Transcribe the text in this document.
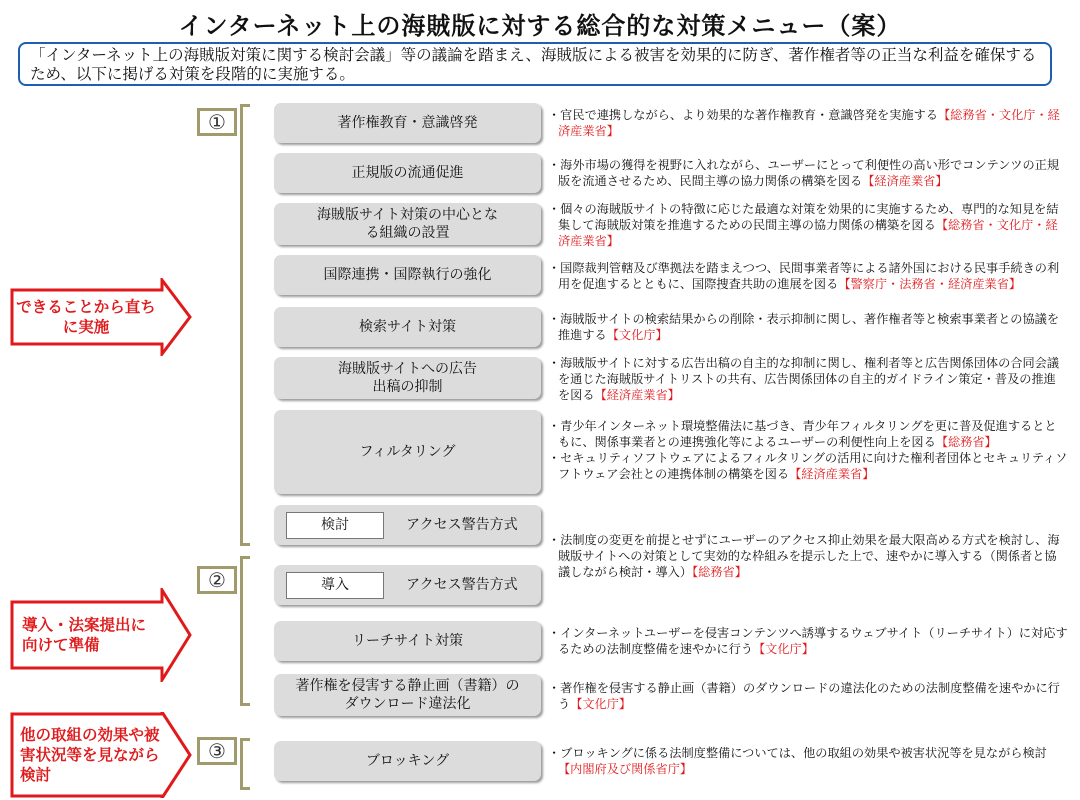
インターネット上の海賊版に対する総合的な対策メニュー（案）
「インターネット上の海賊版対策に関する検討会議」等の議論を踏まえ、海賊版による被害を効果的に防ぎ、著作権者等の正当な利益を確保するため、以下に掲げる対策を段階的に実施する。
①
②
③
できることから直ちに実施
導入・法案提出に向けて準備
他の取組の効果や被害状況等を見ながら検討
著作権教育・意識啓発
正規版の流通促進
海賊版サイト対策の中心となる組織の設置
国際連携・国際執行の強化
検索サイト対策
海賊版サイトへの広告出稿の抑制
フィルタリング
検討	アクセス警告方式
導入	アクセス警告方式
リーチサイト対策
著作権を侵害する静止画（書籍）のダウンロード違法化
ブロッキング
・官民で連携しながら、より効果的な著作権教育・意識啓発を実施する【総務省・文化庁・経済産業省】
・海外市場の獲得を視野に入れながら、ユーザーにとって利便性の高い形でコンテンツの正規版を流通させるため、民間主導の協力関係の構築を図る【経済産業省】
・個々の海賊版サイトの特徴に応じた最適な対策を効果的に実施するため、専門的な知見を結集して海賊版対策を推進するための民間主導の協力関係の構築を図る【総務省・文化庁・経済産業省】
・国際裁判管轄及び準拠法を踏まえつつ、民間事業者等による諸外国における民事手続きの利用を促進するとともに、国際捜査共助の進展を図る【警察庁・法務省・経済産業省】
・海賊版サイトの検索結果からの削除・表示抑制に関し、著作権者等と検索事業者との協議を推進する【文化庁】
・海賊版サイトに対する広告出稿の自主的な抑制に関し、権利者等と広告関係団体の合同会議を通じた海賊版サイトリストの共有、広告関係団体の自主的ガイドライン策定・普及の推進を図る【経済産業省】
・青少年インターネット環境整備法に基づき、青少年フィルタリングを更に普及促進するとともに、関係事業者との連携強化等によるユーザーの利便性向上を図る【総務省】
・セキュリティソフトウェアによるフィルタリングの活用に向けた権利者団体とセキュリティソフトウェア会社との連携体制の構築を図る【経済産業省】
・法制度の変更を前提とせずにユーザーのアクセス抑止効果を最大限高める方式を検討し、海賊版サイトへの対策として実効的な枠組みを提示した上で、速やかに導入する（関係者と協議しながら検討・導入）【総務省】
・インターネットユーザーを侵害コンテンツへ誘導するウェブサイト（リーチサイト）に対応するための法制度整備を速やかに行う【文化庁】
・著作権を侵害する静止画（書籍）のダウンロードの違法化のための法制度整備を速やかに行う【文化庁】
・ブロッキングに係る法制度整備については、他の取組の効果や被害状況等を見ながら検討【内閣府及び関係省庁】
